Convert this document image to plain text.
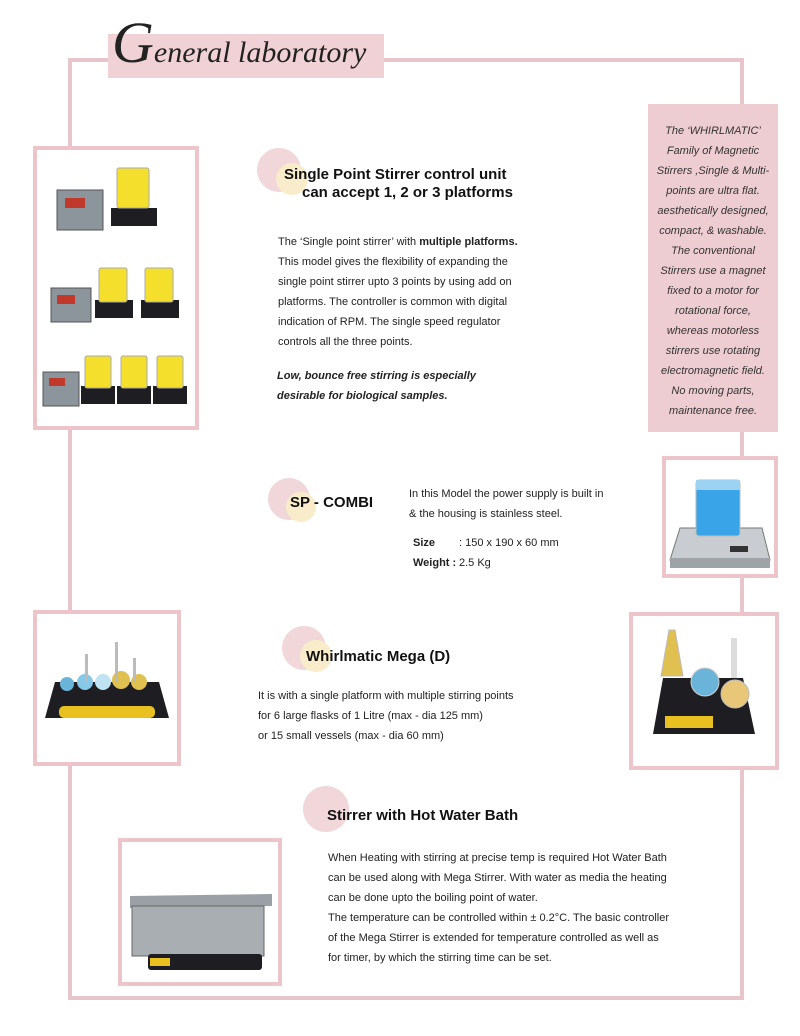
General laboratory
The ‘WHIRLMATIC’
Family of Magnetic
Stirrers ,Single & Multi-
points are ultra flat.
aesthetically designed,
compact, & washable.
The conventional
Stirrers use a magnet
fixed to a motor for
rotational force,
whereas motorless
stirrers use rotating
electromagnetic field.
No moving parts,
maintenance free.
Single Point Stirrer control unit
can accept 1, 2 or 3 platforms
The ‘Single point stirrer’ with multiple platforms.
This model gives the flexibility of expanding the
single point stirrer upto 3 points by using add on
platforms. The controller is common with digital
indication of RPM. The single speed regulator
controls all the three points.
Low, bounce free stirring is especially
desirable for biological samples.
SP - COMBI	In this Model the power supply is built in
& the housing is stainless steel.
Size : 150 x 190 x 60 mm
Weight : 2.5 Kg
Whirlmatic Mega (D)
It is with a single platform with multiple stirring points
for 6 large flasks of 1 Litre (max - dia 125 mm)
or 15 small vessels (max - dia 60 mm)
Stirrer with Hot Water Bath
When Heating with stirring at precise temp is required Hot Water Bath
can be used along with Mega Stirrer. With water as media the heating
can be done upto the boiling point of water.
The temperature can be controlled within ± 0.2°C. The basic controller
of the Mega Stirrer is extended for temperature controlled as well as
for timer, by which the stirring time can be set.
